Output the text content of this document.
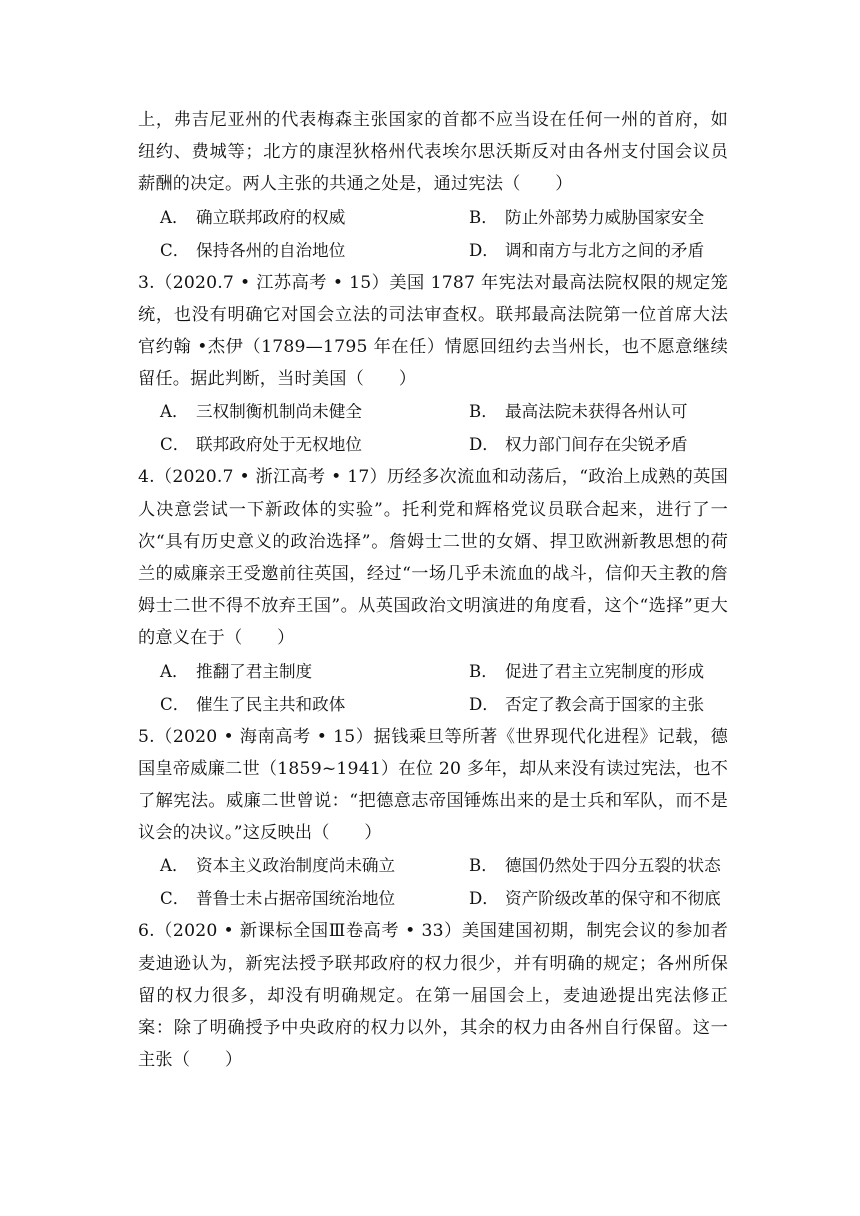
上，弗吉尼亚州的代表梅森主张国家的首都不应当设在任何一州的首府，如纽约、费城等；北方的康涅狄格州代表埃尔思沃斯反对由各州支付国会议员薪酬的决定。两人主张的共通之处是，通过宪法（　　）

A． 确立联邦政府的权威	B． 防止外部势力威胁国家安全
C． 保持各州的自治地位	D． 调和南方与北方之间的矛盾

3.（2020.7 • 江苏高考 • 15）美国 1787 年宪法对最高法院权限的规定笼统，也没有明确它对国会立法的司法审查权。联邦最高法院第一位首席大法官约翰 •杰伊（1789—1795 年在任）情愿回纽约去当州长，也不愿意继续留任。据此判断，当时美国（　　）

A． 三权制衡机制尚未健全	B． 最高法院未获得各州认可
C． 联邦政府处于无权地位	D． 权力部门间存在尖锐矛盾

4.（2020.7 • 浙江高考 • 17）历经多次流血和动荡后，“政治上成熟的英国人决意尝试一下新政体的实验”。托利党和辉格党议员联合起来，进行了一次“具有历史意义的政治选择”。詹姆士二世的女婿、捍卫欧洲新教思想的荷兰的威廉亲王受邀前往英国，经过“一场几乎未流血的战斗，信仰天主教的詹姆士二世不得不放弃王国”。从英国政治文明演进的角度看，这个“选择”更大的意义在于（　　）

A． 推翻了君主制度	B． 促进了君主立宪制度的形成
C． 催生了民主共和政体	D． 否定了教会高于国家的主张

5.（2020 • 海南高考 • 15）据钱乘旦等所著《世界现代化进程》记载，德国皇帝威廉二世（1859~1941）在位 20 多年，却从来没有读过宪法，也不了解宪法。威廉二世曾说：“把德意志帝国锤炼出来的是士兵和军队，而不是议会的决议。”这反映出（　　）

A． 资本主义政治制度尚未确立	B． 德国仍然处于四分五裂的状态
C． 普鲁士未占据帝国统治地位	D． 资产阶级改革的保守和不彻底

6.（2020 • 新课标全国Ⅲ卷高考 • 33）美国建国初期，制宪会议的参加者麦迪逊认为，新宪法授予联邦政府的权力很少，并有明确的规定；各州所保留的权力很多，却没有明确规定。在第一届国会上，麦迪逊提出宪法修正案：除了明确授予中央政府的权力以外，其余的权力由各州自行保留。这一主张（　　）
